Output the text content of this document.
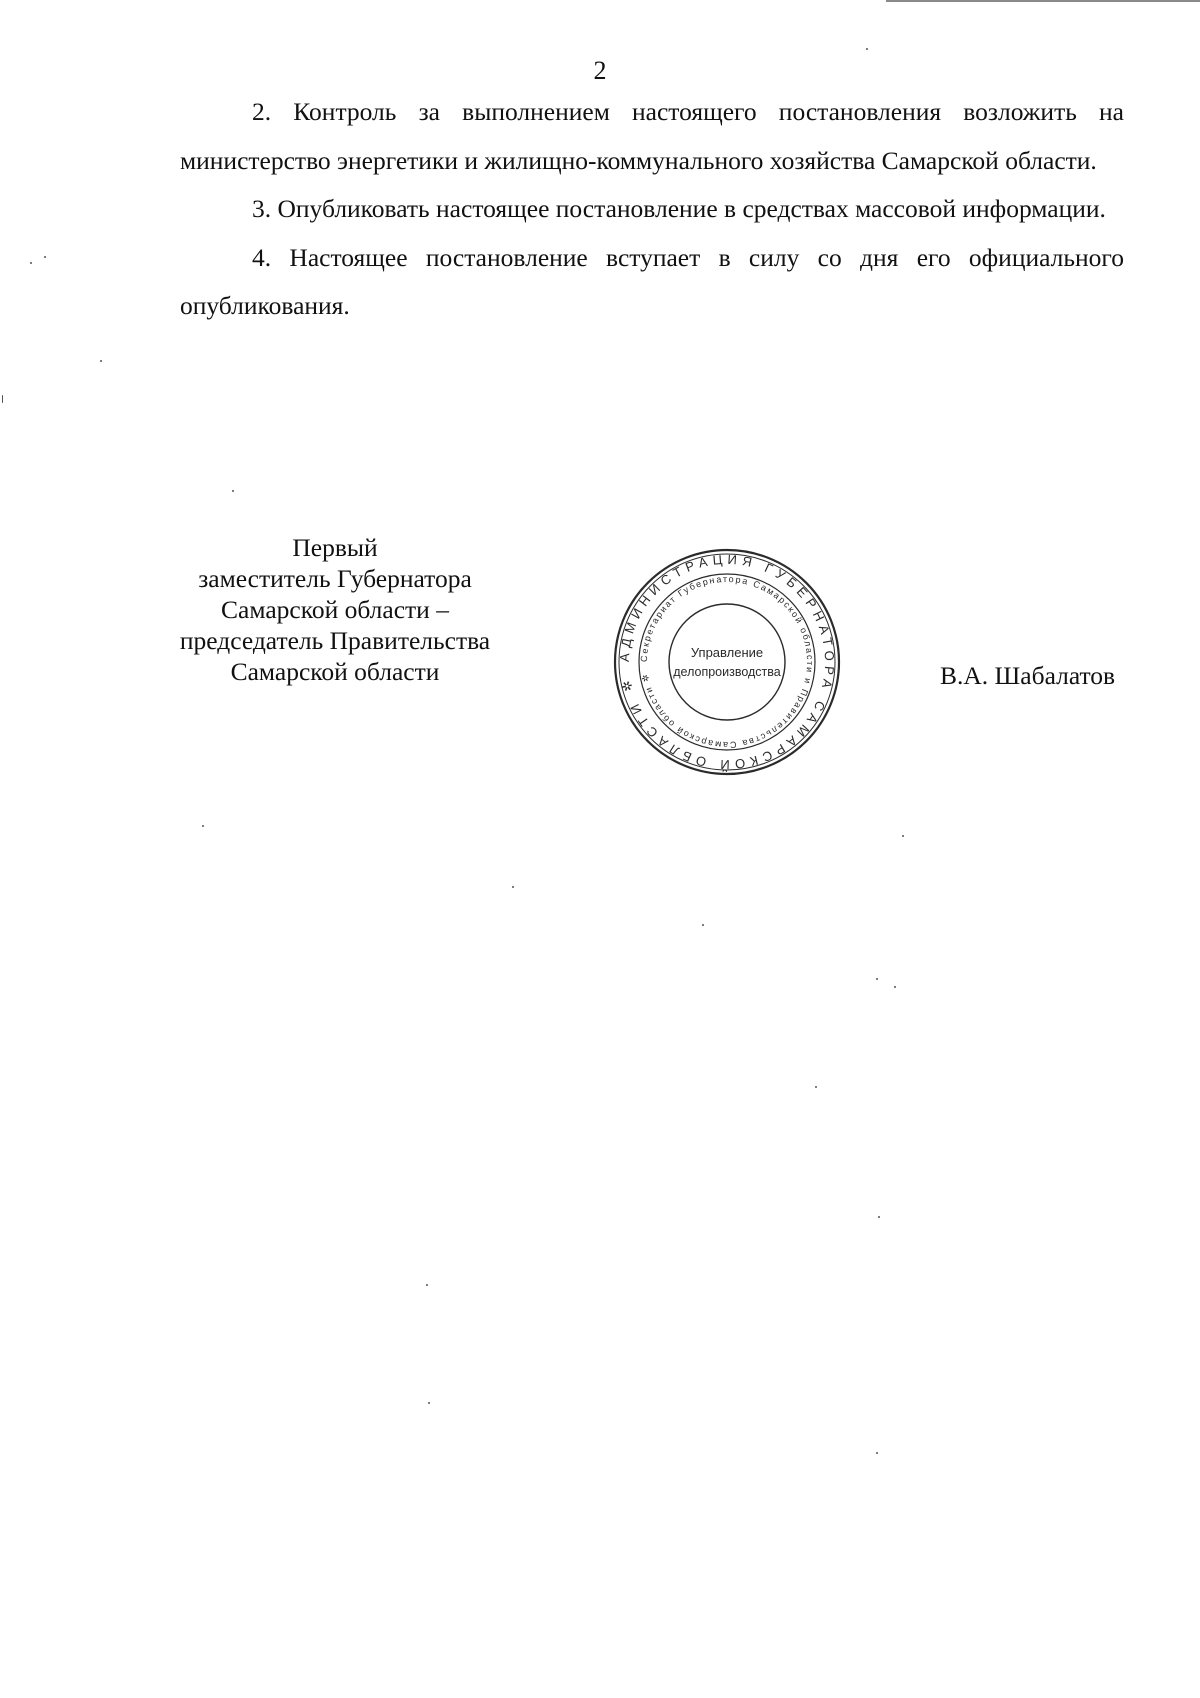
2

2. Контроль за выполнением настоящего постановления возложить на министерство энергетики и жилищно-коммунального хозяйства Самарской области.

3. Опубликовать настоящее постановление в средствах массовой информации.

4. Настоящее постановление вступает в силу со дня его официального опубликования.

Первый
заместитель Губернатора
Самарской области –
председатель Правительства
Самарской области
АДМИНИСТРАЦИЯ ГУБЕРНАТОРА САМАРСКОЙ ОБЛАСТИ ✲
Секретариат Губернатора Самарской области и Правительства Самарской области ✲
Управление
делопроизводства	В.А. Шабалатов
